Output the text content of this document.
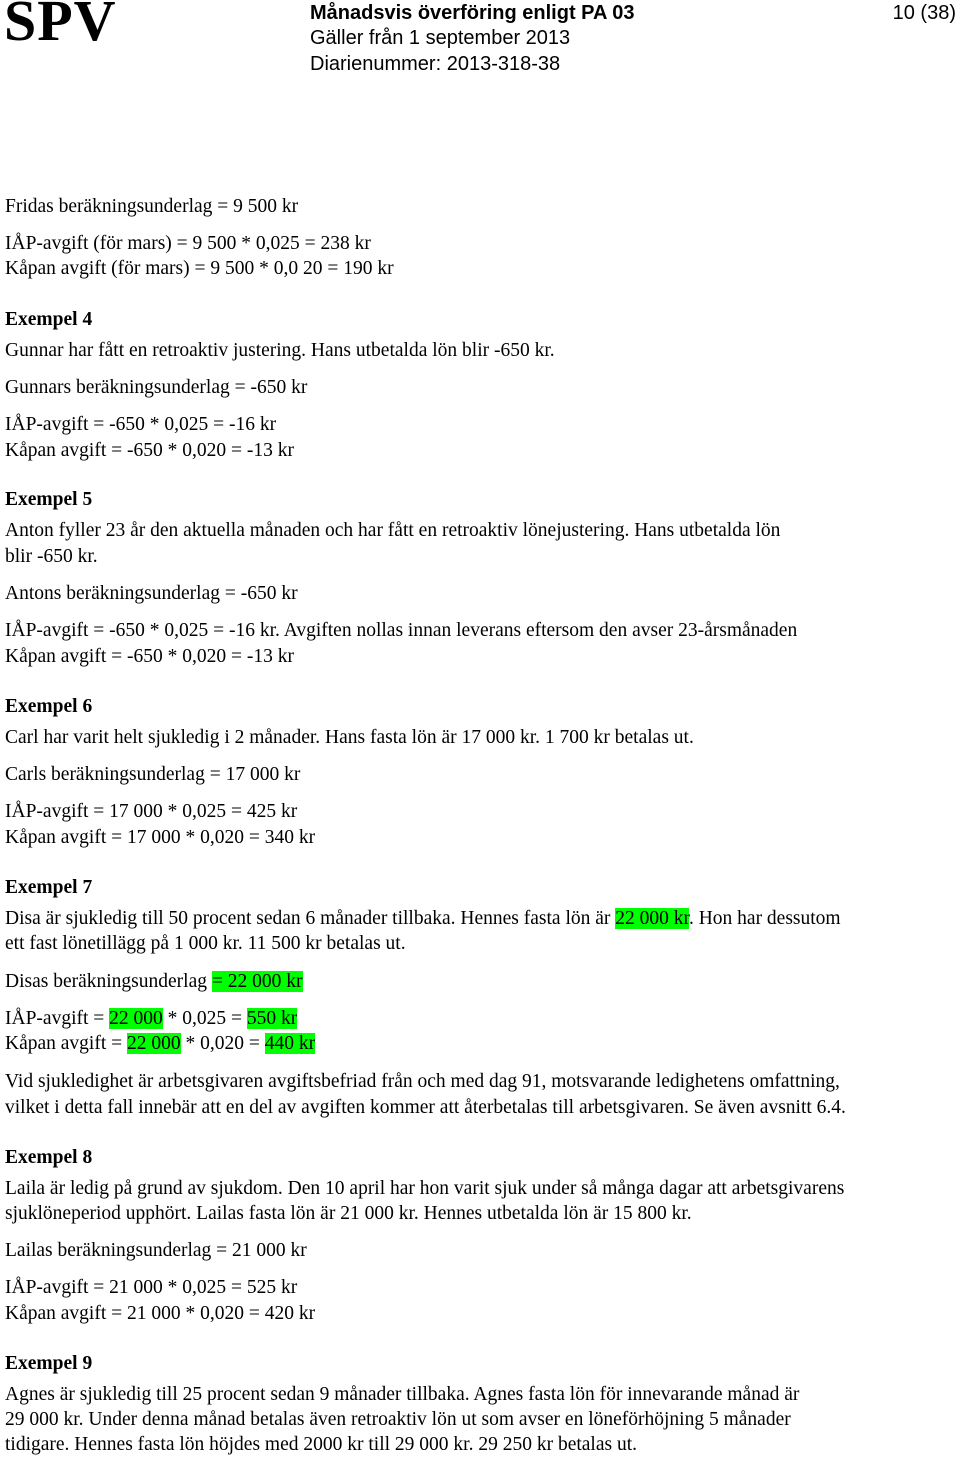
SPV	Månadsvis överföring enligt PA 03
Gäller från 1 september 2013
Diarienummer: 2013-318-38
10 (38)
Fridas beräkningsunderlag = 9 500 kr
IÅP-avgift (för mars) = 9 500 * 0,025 = 238 kr
Kåpan avgift (för mars) = 9 500 * 0,0 20 = 190 kr
Exempel 4
Gunnar har fått en retroaktiv justering. Hans utbetalda lön blir -650 kr.
Gunnars beräkningsunderlag = -650 kr
IÅP-avgift = -650 * 0,025 = -16 kr
Kåpan avgift = -650 * 0,020 = -13 kr
Exempel 5
Anton fyller 23 år den aktuella månaden och har fått en retroaktiv lönejustering. Hans utbetalda lön
blir -650 kr.
Antons beräkningsunderlag = -650 kr
IÅP-avgift = -650 * 0,025 = -16 kr. Avgiften nollas innan leverans eftersom den avser 23-årsmånaden
Kåpan avgift = -650 * 0,020 = -13 kr
Exempel 6
Carl har varit helt sjukledig i 2 månader. Hans fasta lön är 17 000 kr. 1 700 kr betalas ut.
Carls beräkningsunderlag = 17 000 kr
IÅP-avgift = 17 000 * 0,025 = 425 kr
Kåpan avgift = 17 000 * 0,020 = 340 kr
Exempel 7
Disa är sjukledig till 50 procent sedan 6 månader tillbaka. Hennes fasta lön är 22 000 kr. Hon har dessutom
ett fast lönetillägg på 1 000 kr. 11 500 kr betalas ut.
Disas beräkningsunderlag = 22 000 kr
IÅP-avgift = 22 000 * 0,025 = 550 kr
Kåpan avgift = 22 000 * 0,020 = 440 kr
Vid sjukledighet är arbetsgivaren avgiftsbefriad från och med dag 91, motsvarande ledighetens omfattning,
vilket i detta fall innebär att en del av avgiften kommer att återbetalas till arbetsgivaren. Se även avsnitt 6.4.
Exempel 8
Laila är ledig på grund av sjukdom. Den 10 april har hon varit sjuk under så många dagar att arbetsgivarens
sjuklöneperiod upphört. Lailas fasta lön är 21 000 kr. Hennes utbetalda lön är 15 800 kr.
Lailas beräkningsunderlag = 21 000 kr
IÅP-avgift = 21 000 * 0,025 = 525 kr
Kåpan avgift = 21 000 * 0,020 = 420 kr
Exempel 9
Agnes är sjukledig till 25 procent sedan 9 månader tillbaka. Agnes fasta lön för innevarande månad är
29 000 kr. Under denna månad betalas även retroaktiv lön ut som avser en löneförhöjning 5 månader
tidigare. Hennes fasta lön höjdes med 2000 kr till 29 000 kr. 29 250 kr betalas ut.
